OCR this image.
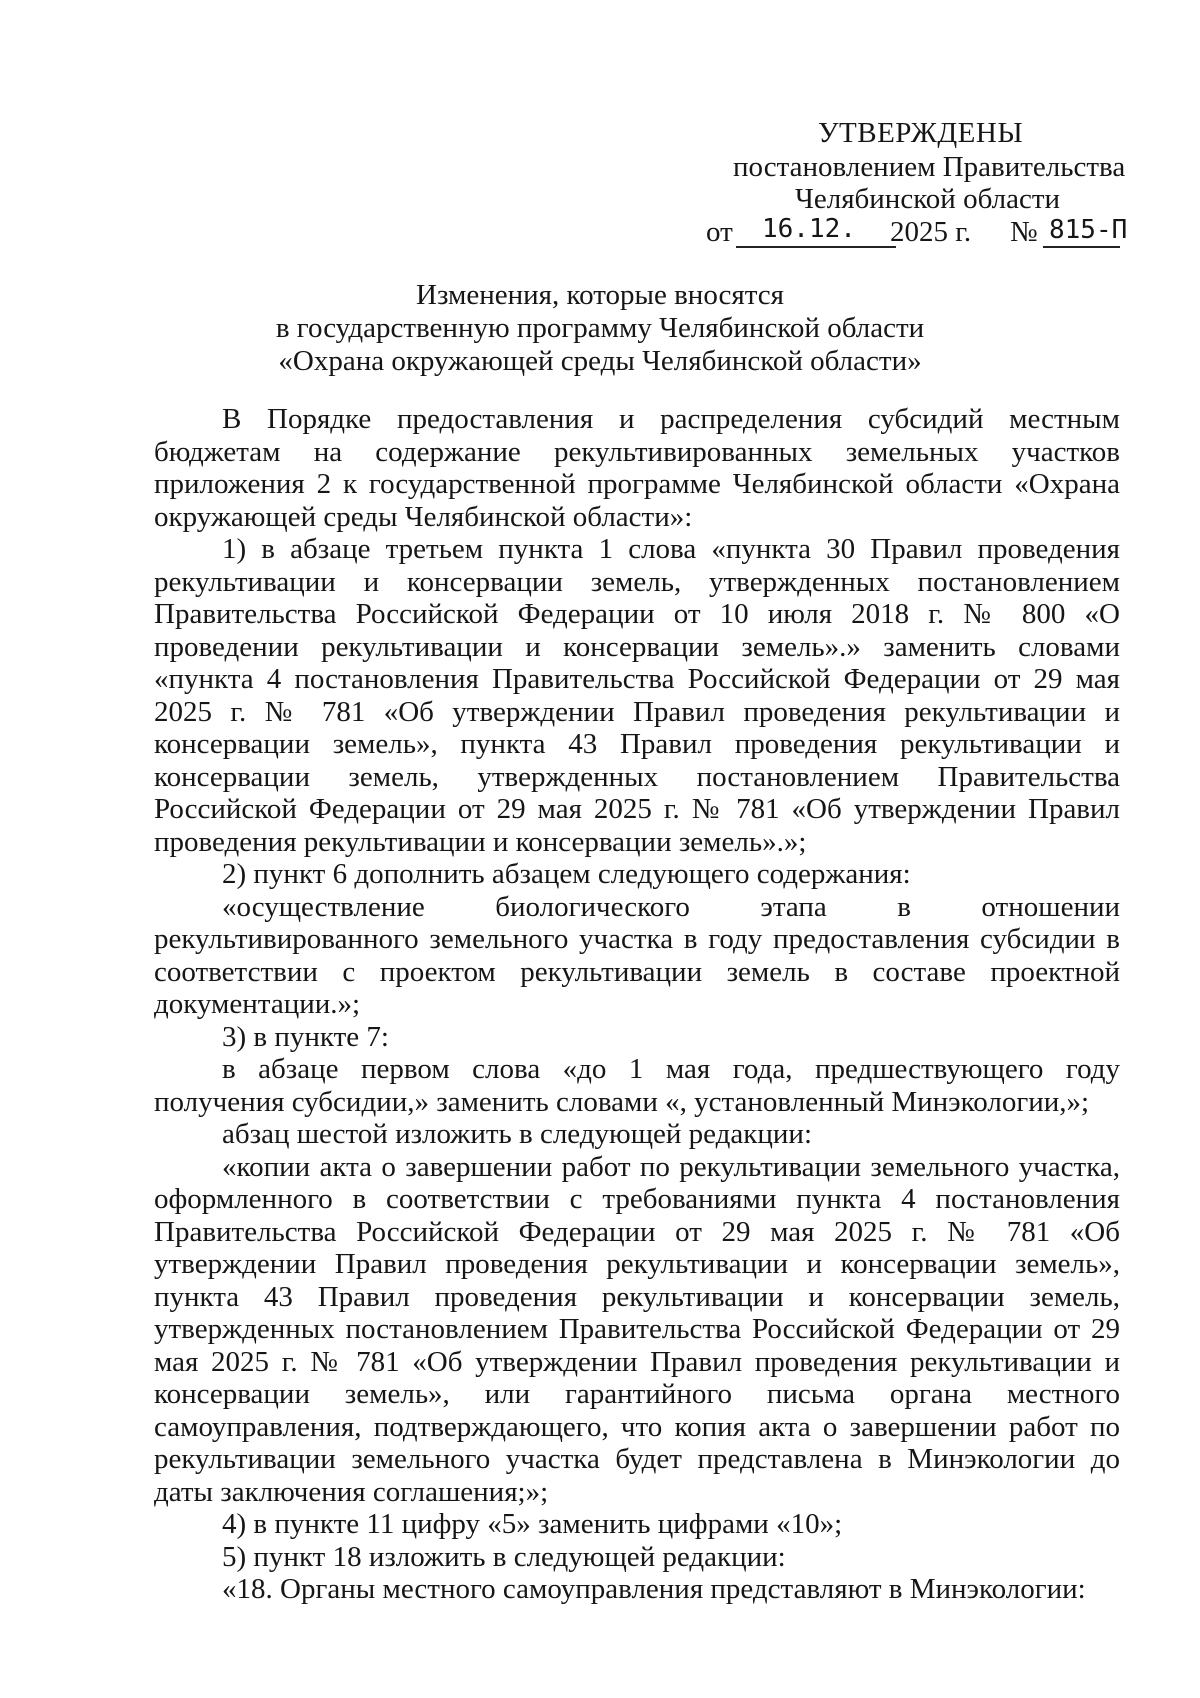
УТВЕРЖДЕНЫ
постановлением Правительства
Челябинской области
от 16.12. 2025 г. № 815-П
Изменения, которые вносятся
в государственную программу Челябинской области
«Охрана окружающей среды Челябинской области»

В Порядке предоставления и распределения субсидий местным бюджетам на содержание рекультивированных земельных участков приложения 2 к государственной программе Челябинской области «Охрана окружающей среды Челябинской области»:

1) в абзаце третьем пункта 1 слова «пункта 30 Правил проведения рекультивации и консервации земель, утвержденных постановлением Правительства Российской Федерации от 10 июля 2018 г. № 800 «О проведении рекультивации и консервации земель».» заменить словами «пункта 4 постановления Правительства Российской Федерации от 29 мая 2025 г. № 781 «Об утверждении Правил проведения рекультивации и консервации земель», пункта 43 Правил проведения рекультивации и консервации земель, утвержденных постановлением Правительства Российской Федерации от 29 мая 2025 г. № 781 «Об утверждении Правил проведения рекультивации и консервации земель».»;

2) пункт 6 дополнить абзацем следующего содержания:

«осуществление биологического этапа в отношении рекультивированного земельного участка в году предоставления субсидии в соответствии с проектом рекультивации земель в составе проектной документации.»;

3) в пункте 7:

в абзаце первом слова «до 1 мая года, предшествующего году получения субсидии,» заменить словами «, установленный Минэкологии,»;

абзац шестой изложить в следующей редакции:

«копии акта о завершении работ по рекультивации земельного участка, оформленного в соответствии с требованиями пункта 4 постановления Правительства Российской Федерации от 29 мая 2025 г. № 781 «Об утверждении Правил проведения рекультивации и консервации земель», пункта 43 Правил проведения рекультивации и консервации земель, утвержденных постановлением Правительства Российской Федерации от 29 мая 2025 г. № 781 «Об утверждении Правил проведения рекультивации и консервации земель», или гарантийного письма органа местного самоуправления, подтверждающего, что копия акта о завершении работ по рекультивации земельного участка будет представлена в Минэкологии до даты заключения соглашения;»;

4) в пункте 11 цифру «5» заменить цифрами «10»;

5) пункт 18 изложить в следующей редакции:

«18. Органы местного самоуправления представляют в Минэкологии:
